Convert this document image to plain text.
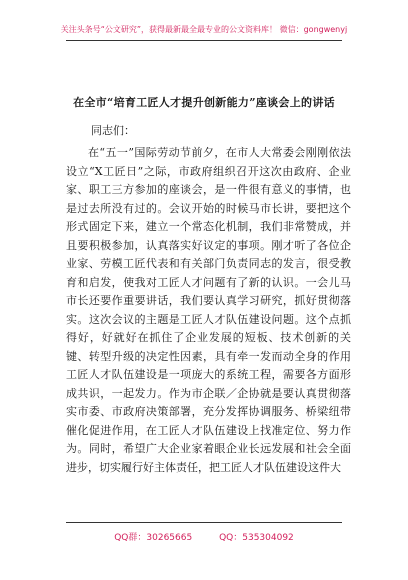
关注头条号“公文研究”，获得最新最全最专业的公文资料库！ 微信：gongwenyj
在全市“培育工匠人才提升创新能力”座谈会上的讲话
同志们：

在“五一”国际劳动节前夕，在市人大常委会刚刚依法设立“X工匠日”之际，市政府组织召开这次由政府、企业家、职工三方参加的座谈会，是一件很有意义的事情，也是过去所没有过的。会议开始的时候马市长讲，要把这个形式固定下来，建立一个常态化机制，我们非常赞成，并且要积极参加，认真落实好议定的事项。刚才听了各位企业家、劳模工匠代表和有关部门负责同志的发言，很受教育和启发，使我对工匠人才问题有了新的认识。一会儿马市长还要作重要讲话，我们要认真学习研究，抓好贯彻落实。这次会议的主题是工匠人才队伍建设问题。这个点抓得好，好就好在抓住了企业发展的短板、技术创新的关键、转型升级的决定性因素，具有牵一发而动全身的作用工匠人才队伍建设是一项庞大的系统工程，需要各方面形成共识，一起发力。作为市企联／企协就是要认真贯彻落实市委、市政府决策部署，充分发挥协调服务、桥梁纽带催化促进作用，在工匠人才队伍建设上找准定位、努力作为。同时，希望广大企业家着眼企业长远发展和社会全面进步，切实履行好主体责任，把工匠人才队伍建设这件大

QQ群：30265665	QQ：535304092
